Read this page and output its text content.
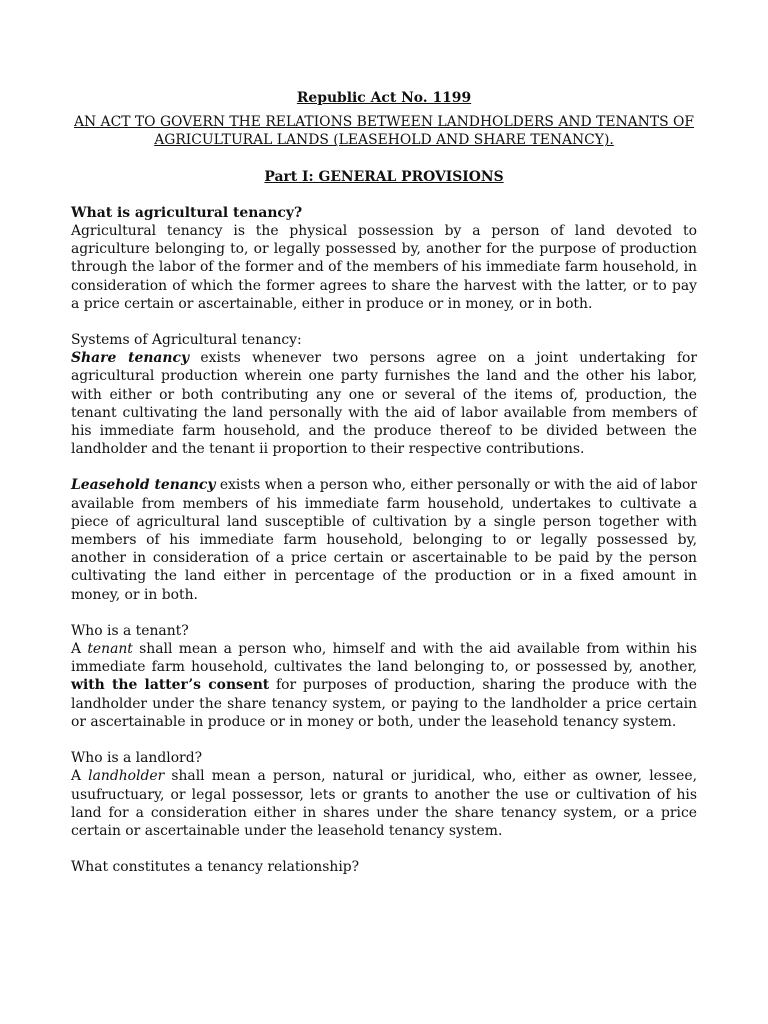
Republic Act No. 1199

AN ACT TO GOVERN THE RELATIONS BETWEEN LANDHOLDERS AND TENANTS OF
AGRICULTURAL LANDS (LEASEHOLD AND SHARE TENANCY).

Part I: GENERAL PROVISIONS

What is agricultural tenancy?

Agricultural tenancy is the physical possession by a person of land devoted to agriculture belonging to, or legally possessed by, another for the purpose of production through the labor of the former and of the members of his immediate farm household, in consideration of which the former agrees to share the harvest with the latter, or to pay a price certain or ascertainable, either in produce or in money, or in both.

Systems of Agricultural tenancy:

Share tenancy exists whenever two persons agree on a joint undertaking for agricultural production wherein one party furnishes the land and the other his labor, with either or both contributing any one or several of the items of, production, the tenant cultivating the land personally with the aid of labor available from members of his immediate farm household, and the produce thereof to be divided between the landholder and the tenant ii proportion to their respective contributions.

Leasehold tenancy exists when a person who, either personally or with the aid of labor available from members of his immediate farm household, undertakes to cultivate a piece of agricultural land susceptible of cultivation by a single person together with members of his immediate farm household, belonging to or legally possessed by, another in consideration of a price certain or ascertainable to be paid by the person cultivating the land either in percentage of the production or in a fixed amount in money, or in both.

Who is a tenant?

A tenant shall mean a person who, himself and with the aid available from within his immediate farm household, cultivates the land belonging to, or possessed by, another, with the latter’s consent for purposes of production, sharing the produce with the landholder under the share tenancy system, or paying to the landholder a price certain or ascertainable in produce or in money or both, under the leasehold tenancy system.

Who is a landlord?

A landholder shall mean a person, natural or juridical, who, either as owner, lessee, usufructuary, or legal possessor, lets or grants to another the use or cultivation of his land for a consideration either in shares under the share tenancy system, or a price certain or ascertainable under the leasehold tenancy system.

What constitutes a tenancy relationship?
